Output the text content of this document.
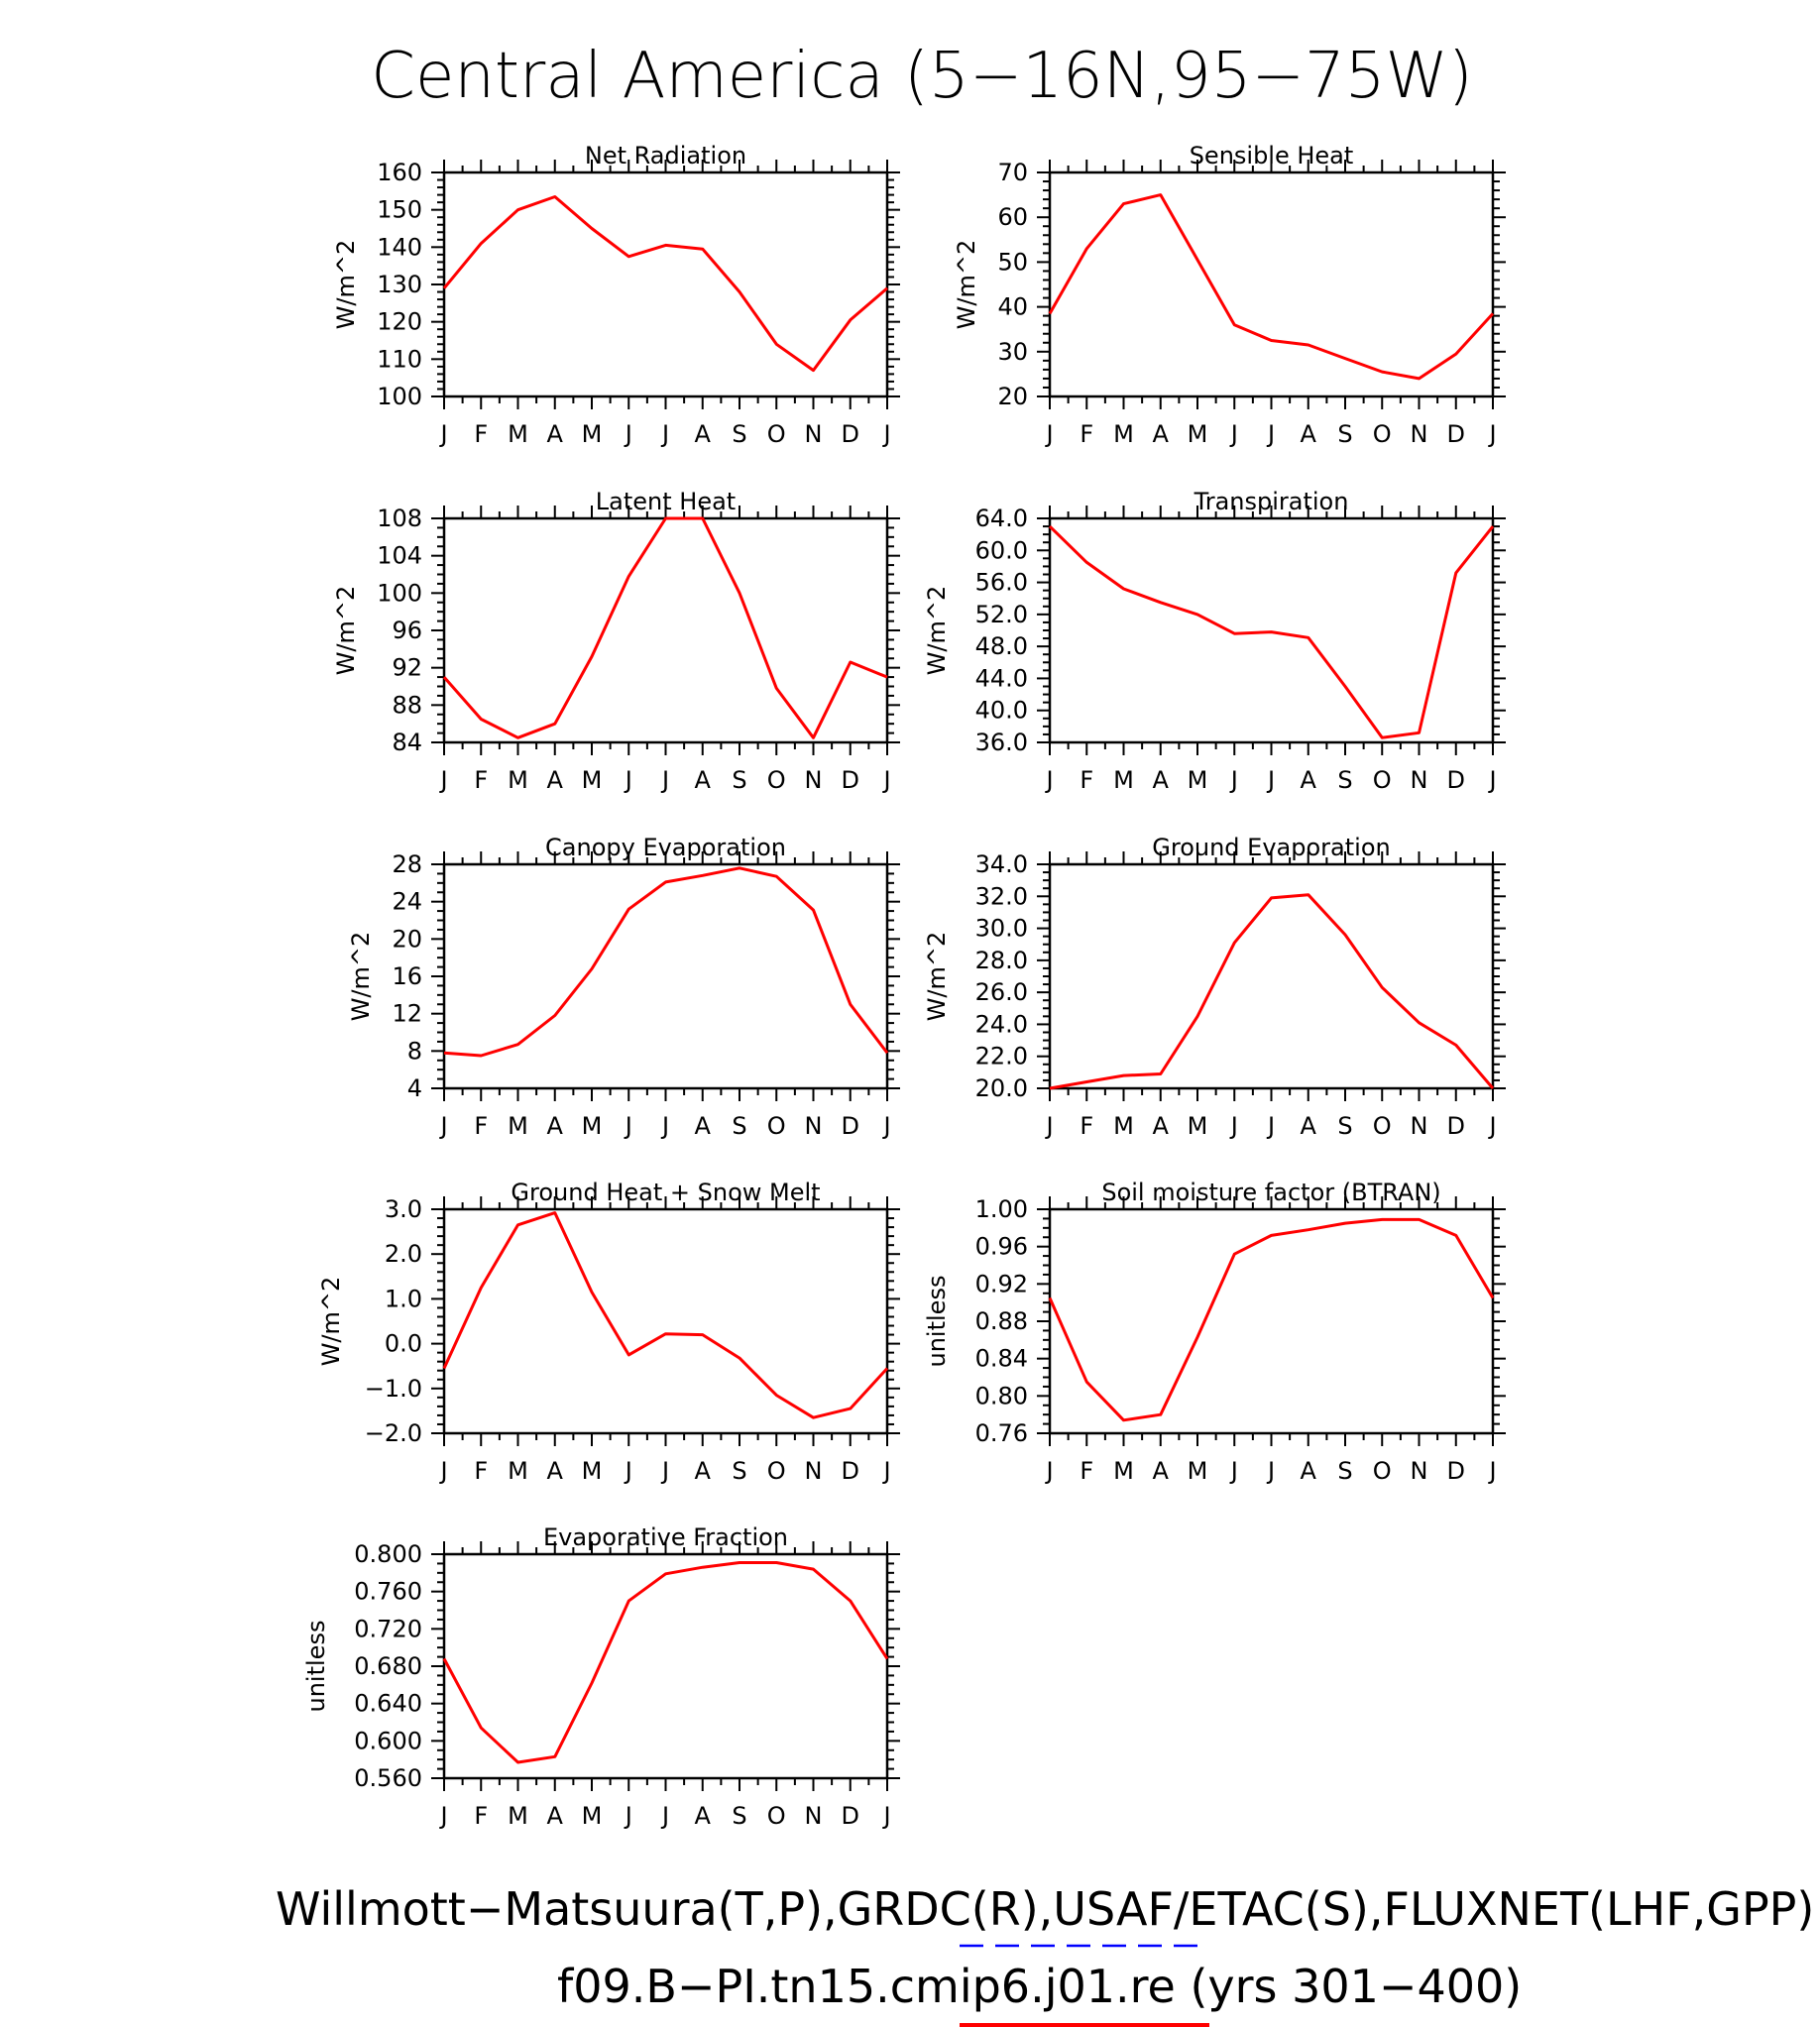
Central America (5−16N,95−75W)
100
110
120
130
140
150
160
J F M A M J J A S O N D J
Net Radiation
W/m^2
20
30
40
50
60
70
J F M A M J J A S O N D J
Sensible Heat
W/m^2
84
88
92
96
100
104
108
J F M A M J J A S O N D J
Latent Heat
W/m^2
36.0
40.0
44.0
48.0
52.0
56.0
60.0
64.0
J F M A M J J A S O N D J
Transpiration
W/m^2
4
8
12
16
20
24
28
J F M A M J J A S O N D J
Canopy Evaporation
W/m^2
20.0
22.0
24.0
26.0
28.0
30.0
32.0
34.0
J F M A M J J A S O N D J
Ground Evaporation
W/m^2
−2.0
−1.0
0.0
1.0
2.0
3.0
J F M A M J J A S O N D J
Ground Heat + Snow Melt
W/m^2
0.76
0.80
0.84
0.88
0.92
0.96
1.00
J F M A M J J A S O N D J
Soil moisture factor (BTRAN)
unitless
0.560
0.600
0.640
0.680
0.720
0.760
0.800
J F M A M J J A S O N D J
Evaporative Fraction
unitless
Willmott−Matsuura(T,P),GRDC(R),USAF/ETAC(S),FLUXNET(LHF,GPP)
f09.B−PI.tn15.cmip6.j01.re (yrs 301−400)
